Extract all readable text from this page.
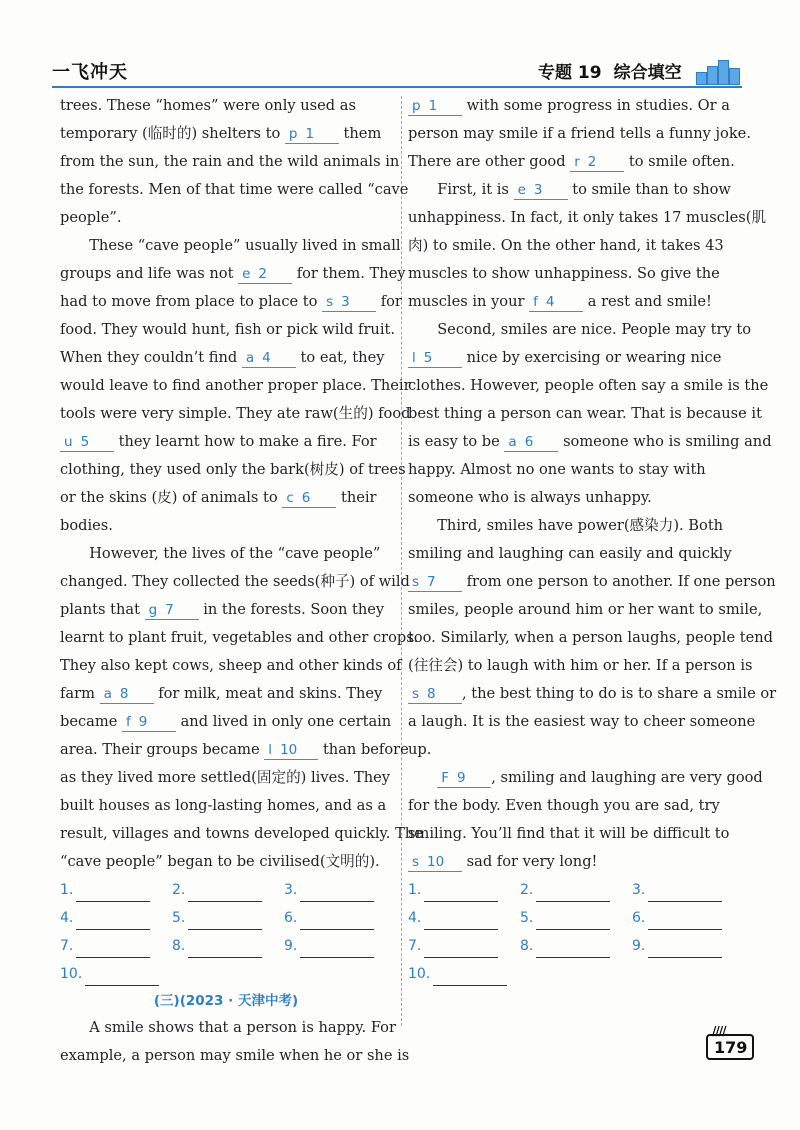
一飞冲天	专题 19 综合填空

trees. These “homes” were only used as
temporary (临时的) shelters to p 1 them
from the sun, the rain and the wild animals in
the forests. Men of that time were called “cave
people”.

These “cave people” usually lived in small
groups and life was not e 2 for them. They
had to move from place to place to s 3 for
food. They would hunt, fish or pick wild fruit.
When they couldn’t find a 4 to eat, they
would leave to find another proper place. Their
tools were very simple. They ate raw(生的) food
u 5 they learnt how to make a fire. For
clothing, they used only the bark(树皮) of trees
or the skins (皮) of animals to c 6 their
bodies.

However, the lives of the “cave people”
changed. They collected the seeds(种子) of wild
plants that g 7 in the forests. Soon they
learnt to plant fruit, vegetables and other crops.
They also kept cows, sheep and other kinds of
farm a 8 for milk, meat and skins. They
became f 9 and lived in only one certain
area. Their groups became l 10 than before
as they lived more settled(固定的) lives. They
built houses as long-lasting homes, and as a
result, villages and towns developed quickly. The
“cave people” began to be civilised(文明的).

1.	2.	3.
4.	5.	6.
7.	8.	9.
10.
(三)(2023 · 天津中考)

A smile shows that a person is happy. For
example, a person may smile when he or she is

p 1 with some progress in studies. Or a
person may smile if a friend tells a funny joke.
There are other good r 2 to smile often.

First, it is e 3 to smile than to show
unhappiness. In fact, it only takes 17 muscles(肌
肉) to smile. On the other hand, it takes 43
muscles to show unhappiness. So give the
muscles in your f 4 a rest and smile!

Second, smiles are nice. People may try to
l 5 nice by exercising or wearing nice
clothes. However, people often say a smile is the
best thing a person can wear. That is because it
is easy to be a 6 someone who is smiling and
happy. Almost no one wants to stay with
someone who is always unhappy.

Third, smiles have power(感染力). Both
smiling and laughing can easily and quickly
s 7 from one person to another. If one person
smiles, people around him or her want to smile,
too. Similarly, when a person laughs, people tend
(往往会) to laugh with him or her. If a person is
s 8 , the best thing to do is to share a smile or
a laugh. It is the easiest way to cheer someone
up.

F 9 , smiling and laughing are very good
for the body. Even though you are sad, try
smiling. You’ll find that it will be difficult to
s 10 sad for very long!

1.	2.	3.
4.	5.	6.
7.	8.	9.
10.
////
179
